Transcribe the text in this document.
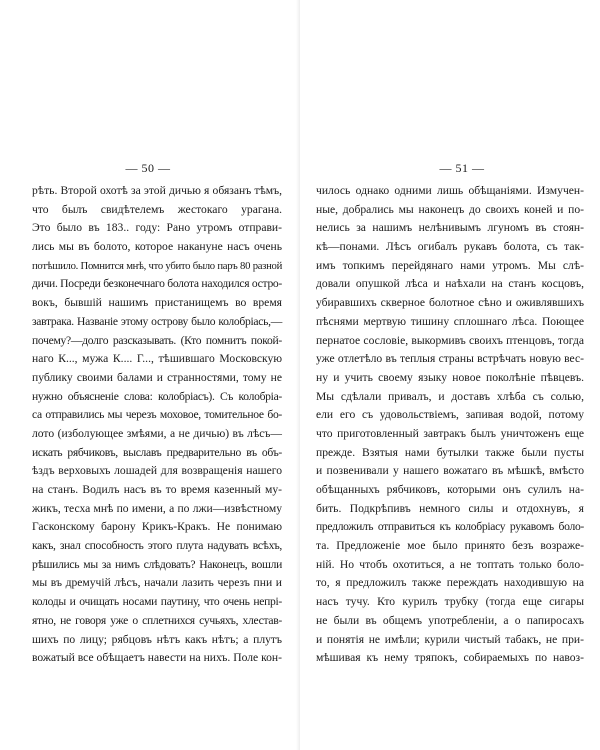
— 50 —
рѣть. Второй охотѣ за этой дичью я обязанъ тѣмъ,
что былъ свидѣтелемъ жестокаго урагана.
Это было въ 183.. году: Рано утромъ отправи-
лись мы въ болото, которое накануне насъ очень
потѣшило. Помнится мнѣ, что убито было паръ 80 разной
дичи. Посреди безконечнаго болота находился остро-
вокъ, бывшiй нашимъ пристанищемъ во время
завтрака. Названiе этому острову было колобрiась,—
почему?—долго разсказывать. (Кто помнитъ покой-
наго К..., мужа К.... Г..., тѣшившаго Московскую
публику своими балами и странностями, тому не
нужно объясненiе слова: колобрiасъ). Съ колобрiа-
са отправились мы черезъ моховое, томительное бо-
лото (изболующее змѣями, а не дичью) въ лѣсъ—
искать рябчиковъ, выславъ предварительно въ объ-
ѣздъ верховыхъ лошадей для возвращенiя нашего
на станъ. Водилъ насъ въ то время казенный му-
жикъ, тесха мнѣ по имени, а по лжи—извѣстному
Гасконскому барону Крикъ-Кракъ. Не понимаю
какъ, знал способность этого плута надувать всѣхъ,
рѣшились мы за нимъ слѣдовать? Наконецъ, вошли
мы въ дремучiй лѣсъ, начали лазить черезъ пни и
колоды и очищать носами паутину, что очень непрi-
ятно, не говоря уже о сплетнихся сучьяхъ, хлестав-
шихъ по лицу; рябцовъ нѣтъ какъ нѣтъ; а плутъ
вожатый все обѣщаетъ навести на нихъ. Поле кон-
— 51 —
чилось однако одними лишь обѣщанiями. Измучен-
ные, добрались мы наконецъ до своихъ коней и по-
нелись за нашимъ нелѣнивымъ лгуномъ въ стоян-
кѣ—понами. Лѣсъ огибалъ рукавъ болота, съ так-
имъ топкимъ перейдянаго нами утромъ. Мы слѣ-
довали опушкой лѣса и наѣхали на станъ косцовъ,
убиравшихъ скверное болотное сѣно и оживлявшихъ
пѣснями мертвую тишину сплошнаго лѣса. Поющее
пернатое сословiе, выкормивъ своихъ птенцовъ, тогда
уже отлетѣло въ теплыя страны встрѣчать новую вес-
ну и учить своему языку новое поколѣнiе пѣвцевъ.
Мы сдѣлали привалъ, и доставъ хлѣба съ солью,
ели его съ удовольствiемъ, запивая водой, потому
что приготовленный завтракъ былъ уничтоженъ еще
прежде. Взятыя нами бутылки также были пусты
и позвенивали у нашего вожатаго въ мѣшкѣ, вмѣсто
обѣщанныхъ рябчиковъ, которыми онъ сулилъ на-
бить. Подкрѣпивъ немного силы и отдохнувъ, я
предложилъ отправиться къ колобрiасу рукавомъ боло-
та. Предложенiе мое было принято безъ возраже-
нiй. Но чтобъ охотиться, а не топтать только боло-
то, я предложилъ также переждать находившую на
насъ тучу. Кто курилъ трубку (тогда еще сигары
не были въ общемъ употребленiи, а о папиросахъ
и понятiя не имѣли; курили чистый табакъ, не при-
мѣшивая къ нему тряпокъ, собираемыхъ по навоз-
